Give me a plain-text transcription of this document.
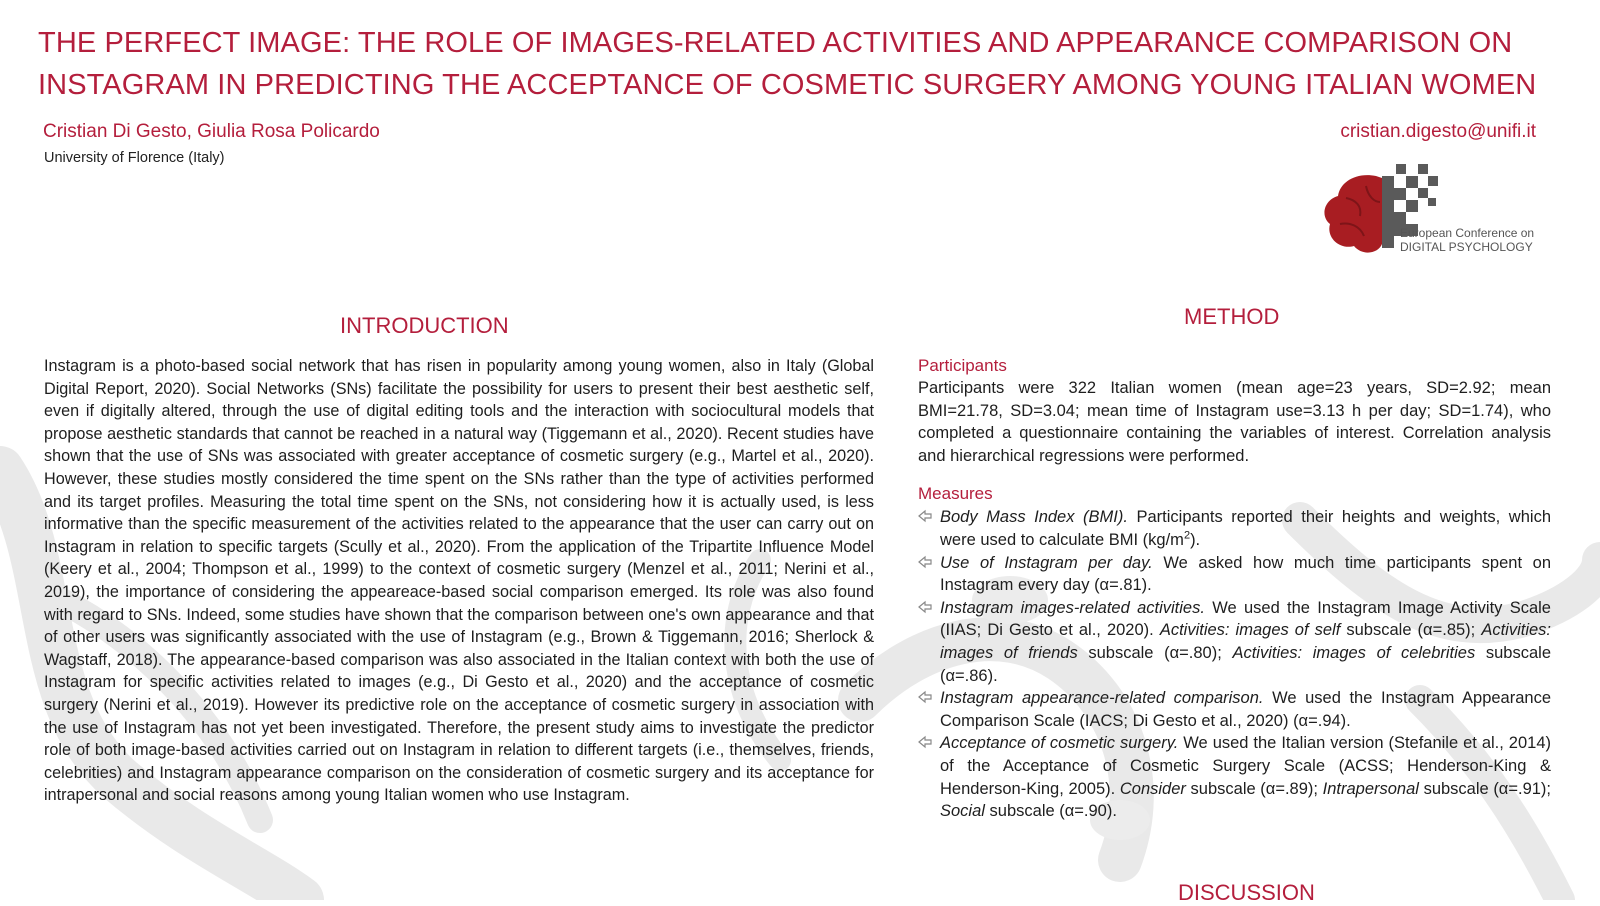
THE PERFECT IMAGE: THE ROLE OF IMAGES-RELATED ACTIVITIES AND APPEARANCE COMPARISON ON
INSTAGRAM IN PREDICTING THE ACCEPTANCE OF COSMETIC SURGERY AMONG YOUNG ITALIAN WOMEN
Cristian Di Gesto, Giulia Rosa Policardo
University of Florence (Italy)
cristian.digesto@unifi.it
European Conference on
DIGITAL PSYCHOLOGY
INTRODUCTION

Instagram is a photo-based social network that has risen in popularity among young women, also in Italy (Global Digital Report, 2020). Social Networks (SNs) facilitate the possibility for users to present their best aesthetic self, even if digitally altered, through the use of digital editing tools and the interaction with sociocultural models that propose aesthetic standards that cannot be reached in a natural way (Tiggemann et al., 2020). Recent studies have shown that the use of SNs was associated with greater acceptance of cosmetic surgery (e.g., Martel et al., 2020). However, these studies mostly considered the time spent on the SNs rather than the type of activities performed and its target profiles. Measuring the total time spent on the SNs, not considering how it is actually used, is less informative than the specific measurement of the activities related to the appearance that the user can carry out on Instagram in relation to specific targets (Scully et al., 2020). From the application of the Tripartite Influence Model (Keery et al., 2004; Thompson et al., 1999) to the context of cosmetic surgery (Menzel et al., 2011; Nerini et al., 2019), the importance of considering the appeareace-based social comparison emerged. Its role was also found with regard to SNs. Indeed, some studies have shown that the comparison between one's own appearance and that of other users was significantly associated with the use of Instagram (e.g., Brown & Tiggemann, 2016; Sherlock & Wagstaff, 2018). The appearance-based comparison was also associated in the Italian context with both the use of Instagram for specific activities related to images (e.g., Di Gesto et al., 2020) and the acceptance of cosmetic surgery (Nerini et al., 2019). However its predictive role on the acceptance of cosmetic surgery in association with the use of Instagram has not yet been investigated. Therefore, the present study aims to investigate the predictor role of both image-based activities carried out on Instagram in relation to different targets (i.e., themselves, friends, celebrities) and Instagram appearance comparison on the consideration of cosmetic surgery and its acceptance for intrapersonal and social reasons among young Italian women who use Instagram.

METHOD
Participants

Participants were 322 Italian women (mean age=23 years, SD=2.92; mean BMI=21.78, SD=3.04; mean time of Instagram use=3.13 h per day; SD=1.74), who completed a questionnaire containing the variables of interest. Correlation analysis and hierarchical regressions were performed.

Measures
Body Mass Index (BMI). Participants reported their heights and weights, which were used to calculate BMI $(kg/m^2)$.
Use of Instagram per day. We asked how much time participants spent on Instagram every day (α=.81).
Instagram images-related activities. We used the Instagram Image Activity Scale (IIAS; Di Gesto et al., 2020). Activities: images of self subscale (α=.85); Activities: images of friends subscale (α=.80); Activities: images of celebrities subscale (α=.86).
Instagram appearance-related comparison. We used the Instagram Appearance Comparison Scale (IACS; Di Gesto et al., 2020) (α=.94).
Acceptance of cosmetic surgery. We used the Italian version (Stefanile et al., 2014) of the Acceptance of Cosmetic Surgery Scale (ACSS; Henderson-King & Henderson-King, 2005). Consider subscale (α=.89); Intrapersonal subscale (α=.91); Social subscale (α=.90).
DISCUSSION
